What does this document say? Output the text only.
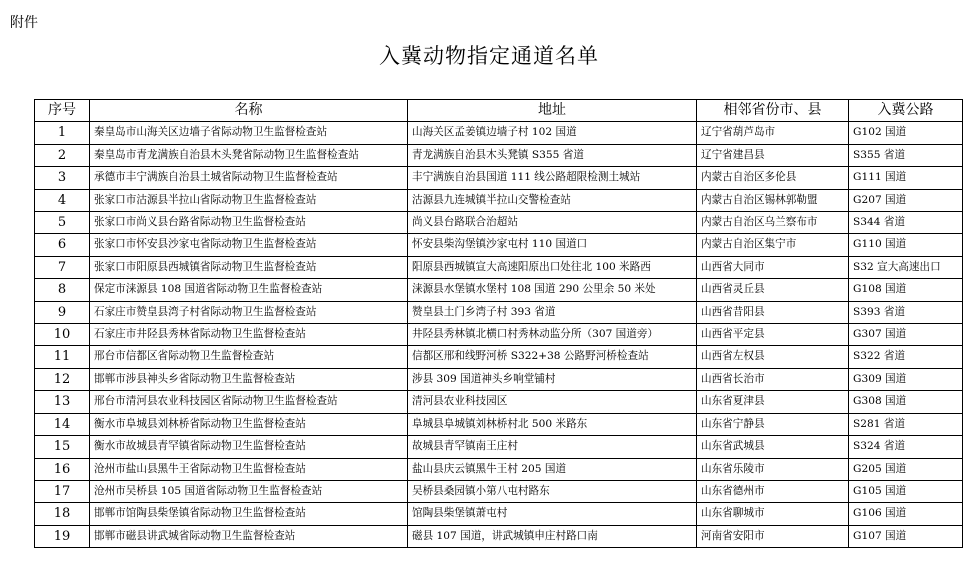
附件
入冀动物指定通道名单
序号	名称	地址	相邻省份市、县	入冀公路
1	秦皇岛市山海关区边墙子省际动物卫生监督检查站	山海关区孟姜镇边墙子村 102 国道	辽宁省葫芦岛市	G102 国道
2	秦皇岛市青龙满族自治县木头凳省际动物卫生监督检查站	青龙满族自治县木头凳镇 S355 省道	辽宁省建昌县	S355 省道
3	承德市丰宁满族自治县土城省际动物卫生监督检查站	丰宁满族自治县国道 111 线公路超限检测土城站	内蒙古自治区多伦县	G111 国道
4	张家口市沽源县半拉山省际动物卫生监督检查站	沽源县九连城镇半拉山交警检查站	内蒙古自治区锡林郭勒盟	G207 国道
5	张家口市尚义县台路省际动物卫生监督检查站	尚义县台路联合治超站	内蒙古自治区乌兰察布市	S344 省道
6	张家口市怀安县沙家屯省际动物卫生监督检查站	怀安县柴沟堡镇沙家屯村 110 国道口	内蒙古自治区集宁市	G110 国道
7	张家口市阳原县西城镇省际动物卫生监督检查站	阳原县西城镇宣大高速阳原出口处往北 100 米路西	山西省大同市	S32 宣大高速出口
8	保定市涞源县 108 国道省际动物卫生监督检查站	涞源县水堡镇水堡村 108 国道 290 公里余 50 米处	山西省灵丘县	G108 国道
9	石家庄市赞皇县湾子村省际动物卫生监督检查站	赞皇县土门乡湾子村 393 省道	山西省昔阳县	S393 省道
10	石家庄市井陉县秀林省际动物卫生监督检查站	井陉县秀林镇北横口村秀林动监分所（307 国道旁）	山西省平定县	G307 国道
11	邢台市信都区省际动物卫生监督检查站	信都区邢和线野河桥 S322+38 公路野河桥检查站	山西省左权县	S322 省道
12	邯郸市涉县神头乡省际动物卫生监督检查站	涉县 309 国道神头乡响堂铺村	山西省长治市	G309 国道
13	邢台市清河县农业科技园区省际动物卫生监督检查站	清河县农业科技园区	山东省夏津县	G308 国道
14	衡水市阜城县刘林桥省际动物卫生监督检查站	阜城县阜城镇刘林桥村北 500 米路东	山东省宁静县	S281 省道
15	衡水市故城县青罕镇省际动物卫生监督检查站	故城县青罕镇南王庄村	山东省武城县	S324 省道
16	沧州市盐山县黑牛王省际动物卫生监督检查站	盐山县庆云镇黑牛王村 205 国道	山东省乐陵市	G205 国道
17	沧州市吴桥县 105 国道省际动物卫生监督检查站	吴桥县桑园镇小第八屯村路东	山东省德州市	G105 国道
18	邯郸市馆陶县柴堡镇省际动物卫生监督检查站	馆陶县柴堡镇萧屯村	山东省聊城市	G106 国道
19	邯郸市磁县讲武城省际动物卫生监督检查站	磁县 107 国道，讲武城镇申庄村路口南	河南省安阳市	G107 国道
